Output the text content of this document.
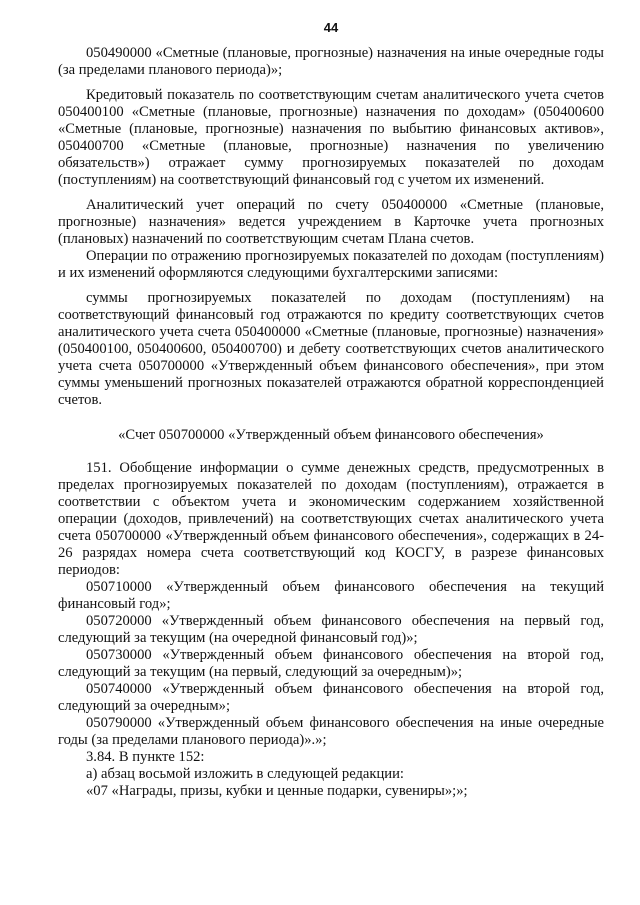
44

050490000 «Сметные (плановые, прогнозные) назначения на иные очередные годы (за пределами планового периода)»;

Кредитовый показатель по соответствующим счетам аналитического учета счетов 050400100 «Сметные (плановые, прогнозные) назначения по доходам» (050400600 «Сметные (плановые, прогнозные) назначения по выбытию финансовых активов», 050400700 «Сметные (плановые, прогнозные) назначения по увеличению обязательств») отражает сумму прогнозируемых показателей по доходам (поступлениям) на соответствующий финансовый год с учетом их изменений.

Аналитический учет операций по счету 050400000 «Сметные (плановые, прогнозные) назначения» ведется учреждением в Карточке учета прогнозных (плановых) назначений по соответствующим счетам Плана счетов.

Операции по отражению прогнозируемых показателей по доходам (поступлениям) и их изменений оформляются следующими бухгалтерскими записями:

суммы прогнозируемых показателей по доходам (поступлениям) на соответствующий финансовый год отражаются по кредиту соответствующих счетов аналитического учета счета 050400000 «Сметные (плановые, прогнозные) назначения» (050400100, 050400600, 050400700) и дебету соответствующих счетов аналитического учета счета 050700000 «Утвержденный объем финансового обеспечения», при этом суммы уменьшений прогнозных показателей отражаются обратной корреспонденцией счетов.

«Счет 050700000 «Утвержденный объем финансового обеспечения»

151. Обобщение информации о сумме денежных средств, предусмотренных в пределах прогнозируемых показателей по доходам (поступлениям), отражается в соответствии с объектом учета и экономическим содержанием хозяйственной операции (доходов, привлечений) на соответствующих счетах аналитического учета счета 050700000 «Утвержденный объем финансового обеспечения», содержащих в 24-26 разрядах номера счета соответствующий код КОСГУ, в разрезе финансовых периодов:

050710000 «Утвержденный объем финансового обеспечения на текущий финансовый год»;

050720000 «Утвержденный объем финансового обеспечения на первый год, следующий за текущим (на очередной финансовый год)»;

050730000 «Утвержденный объем финансового обеспечения на второй год, следующий за текущим (на первый, следующий за очередным)»;

050740000 «Утвержденный объем финансового обеспечения на второй год, следующий за очередным»;

050790000 «Утвержденный объем финансового обеспечения на иные очередные годы (за пределами планового периода)».»;

3.84. В пункте 152:

а) абзац восьмой изложить в следующей редакции:

«07 «Награды, призы, кубки и ценные подарки, сувениры»;»;
